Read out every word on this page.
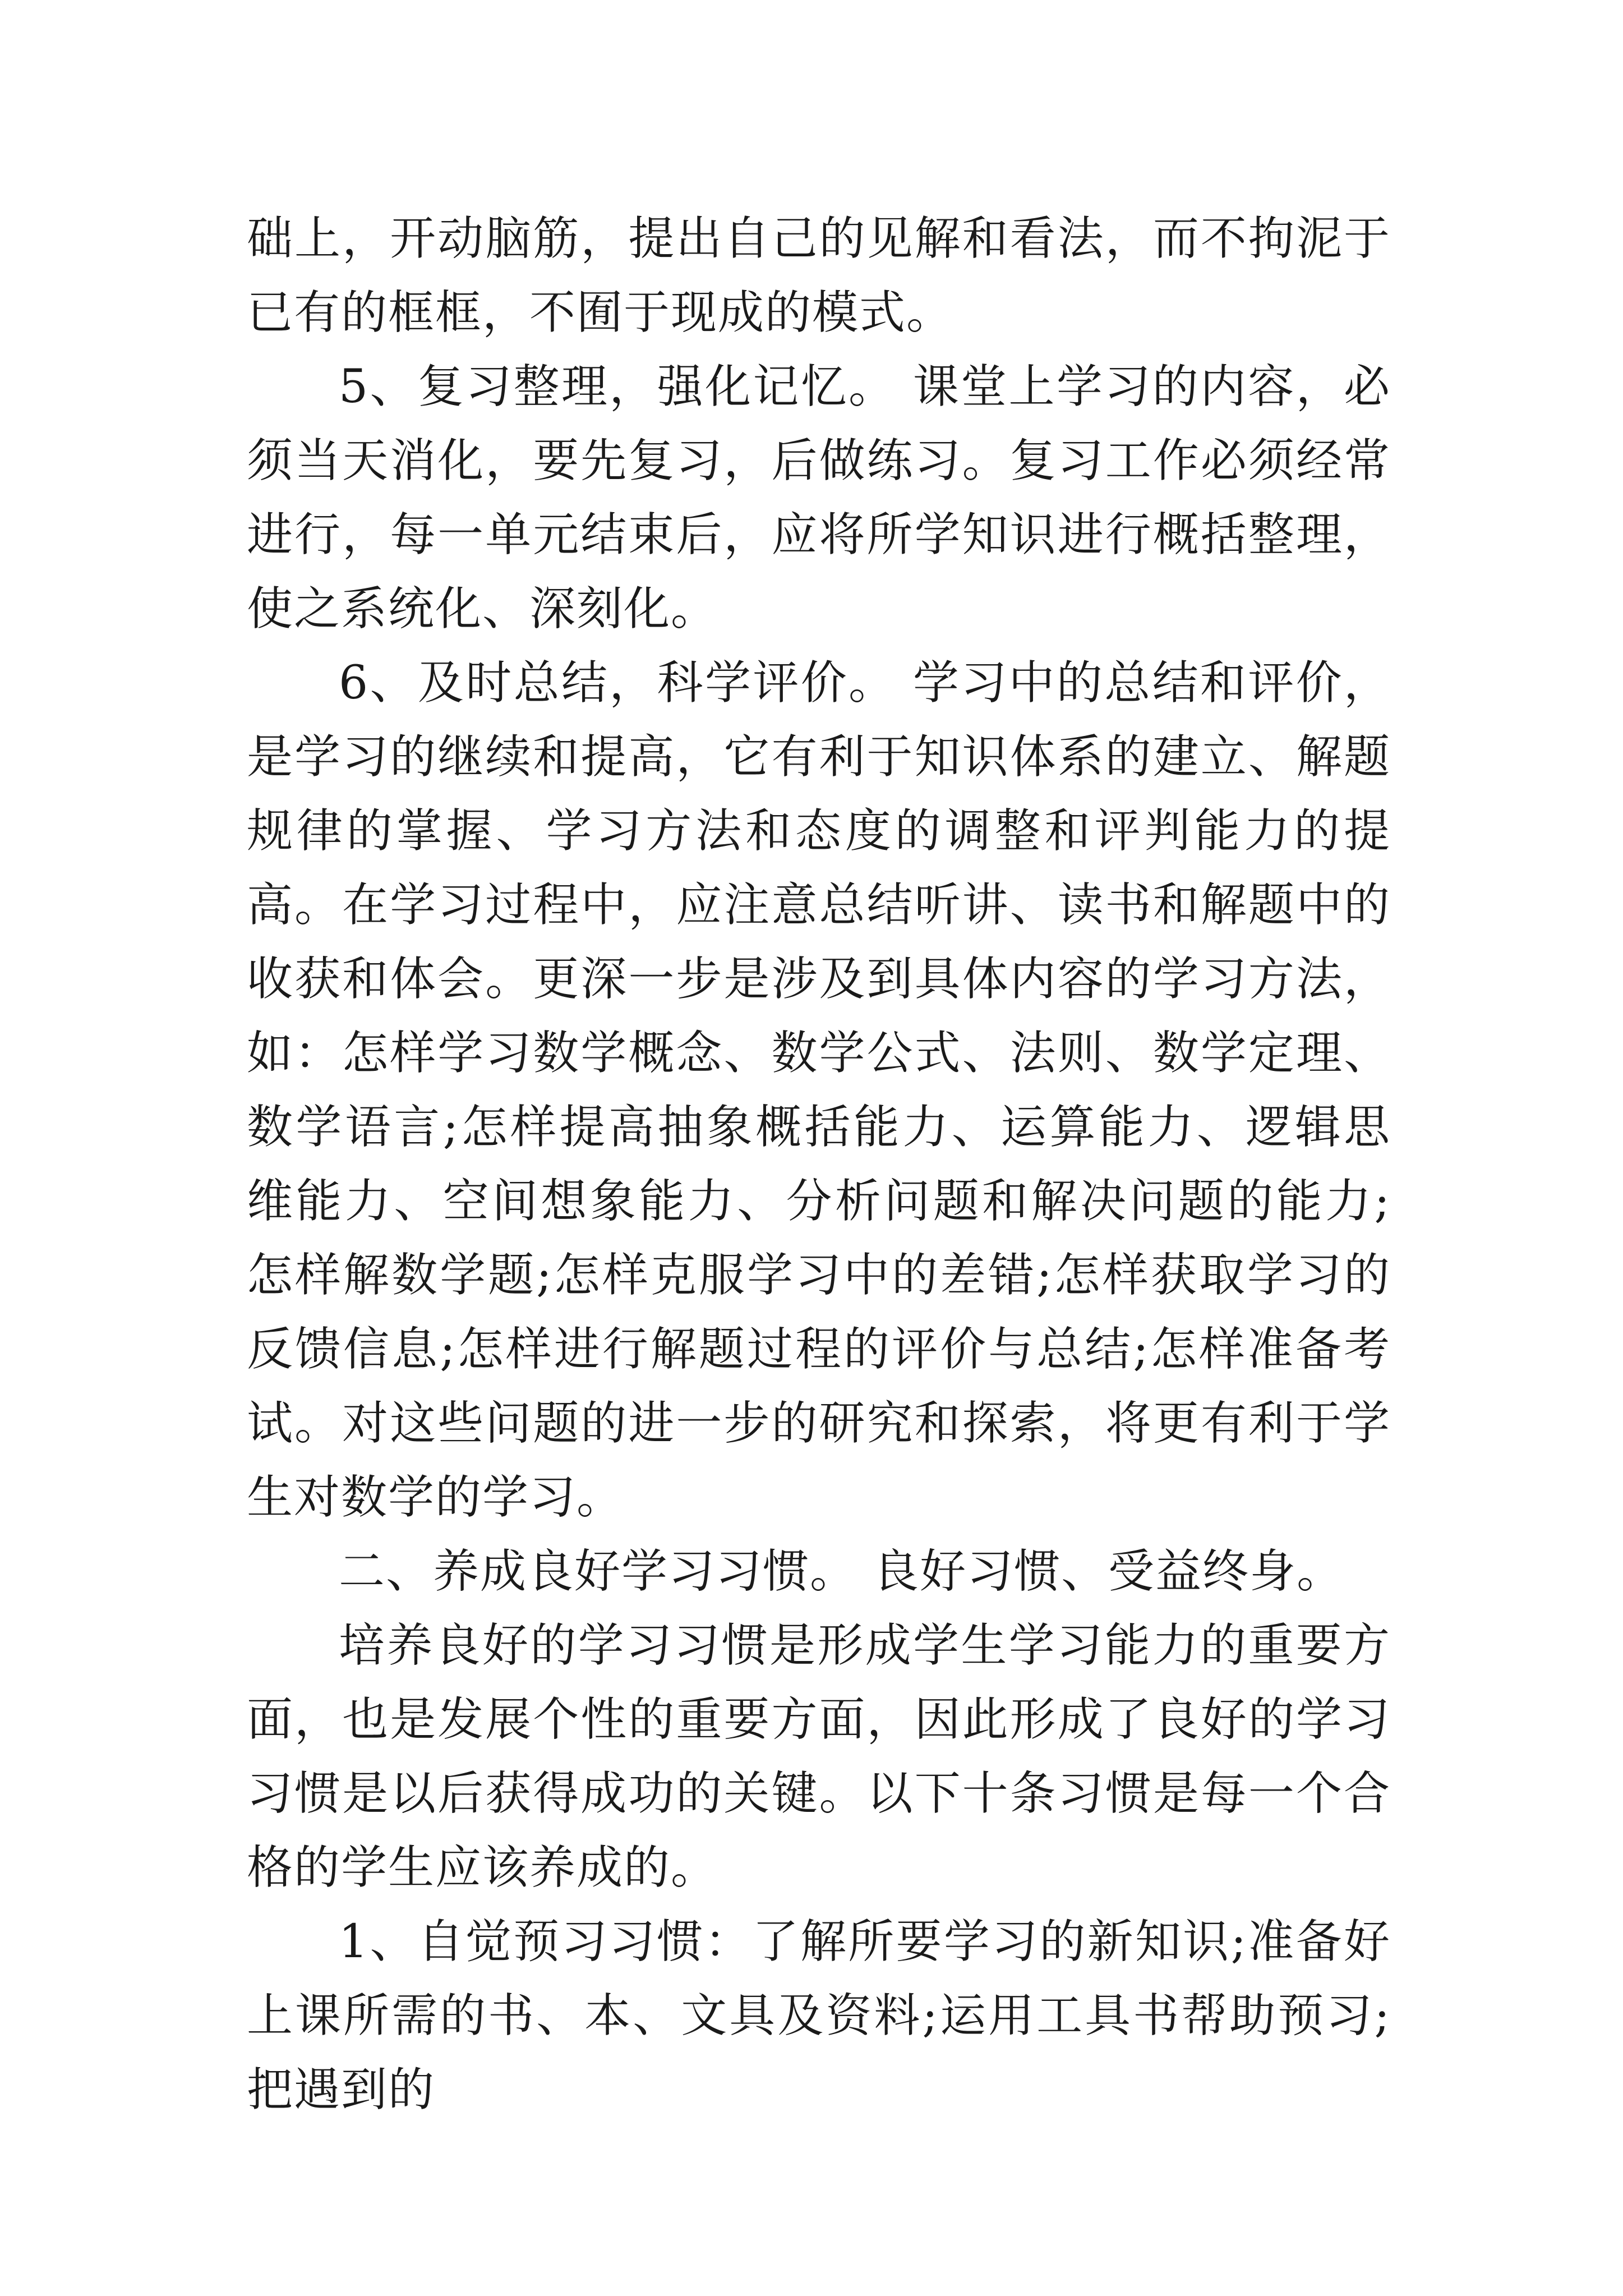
础上，开动脑筋，提出自己的见解和看法，而不拘泥于已有的框框，不囿于现成的模式。

5、复习整理，强化记忆。 课堂上学习的内容，必须当天消化，要先复习，后做练习。复习工作必须经常进行，每一单元结束后，应将所学知识进行概括整理，使之系统化、深刻化。

6、及时总结，科学评价。 学习中的总结和评价，是学习的继续和提高，它有利于知识体系的建立、解题规律的掌握、学习方法和态度的调整和评判能力的提高。在学习过程中，应注意总结听讲、读书和解题中的收获和体会。更深一步是涉及到具体内容的学习方法，如：怎样学习数学概念、数学公式、法则、数学定理、数学语言;怎样提高抽象概括能力、运算能力、逻辑思维能力、空间想象能力、分析问题和解决问题的能力;怎样解数学题;怎样克服学习中的差错;怎样获取学习的反馈信息;怎样进行解题过程的评价与总结;怎样准备考试。对这些问题的进一步的研究和探索，将更有利于学生对数学的学习。

二、养成良好学习习惯。 良好习惯、受益终身。

培养良好的学习习惯是形成学生学习能力的重要方面，也是发展个性的重要方面，因此形成了良好的学习习惯是以后获得成功的关键。以下十条习惯是每一个合格的学生应该养成的。

1、自觉预习习惯：了解所要学习的新知识;准备好上课所需的书、本、文具及资料;运用工具书帮助预习;把遇到的
